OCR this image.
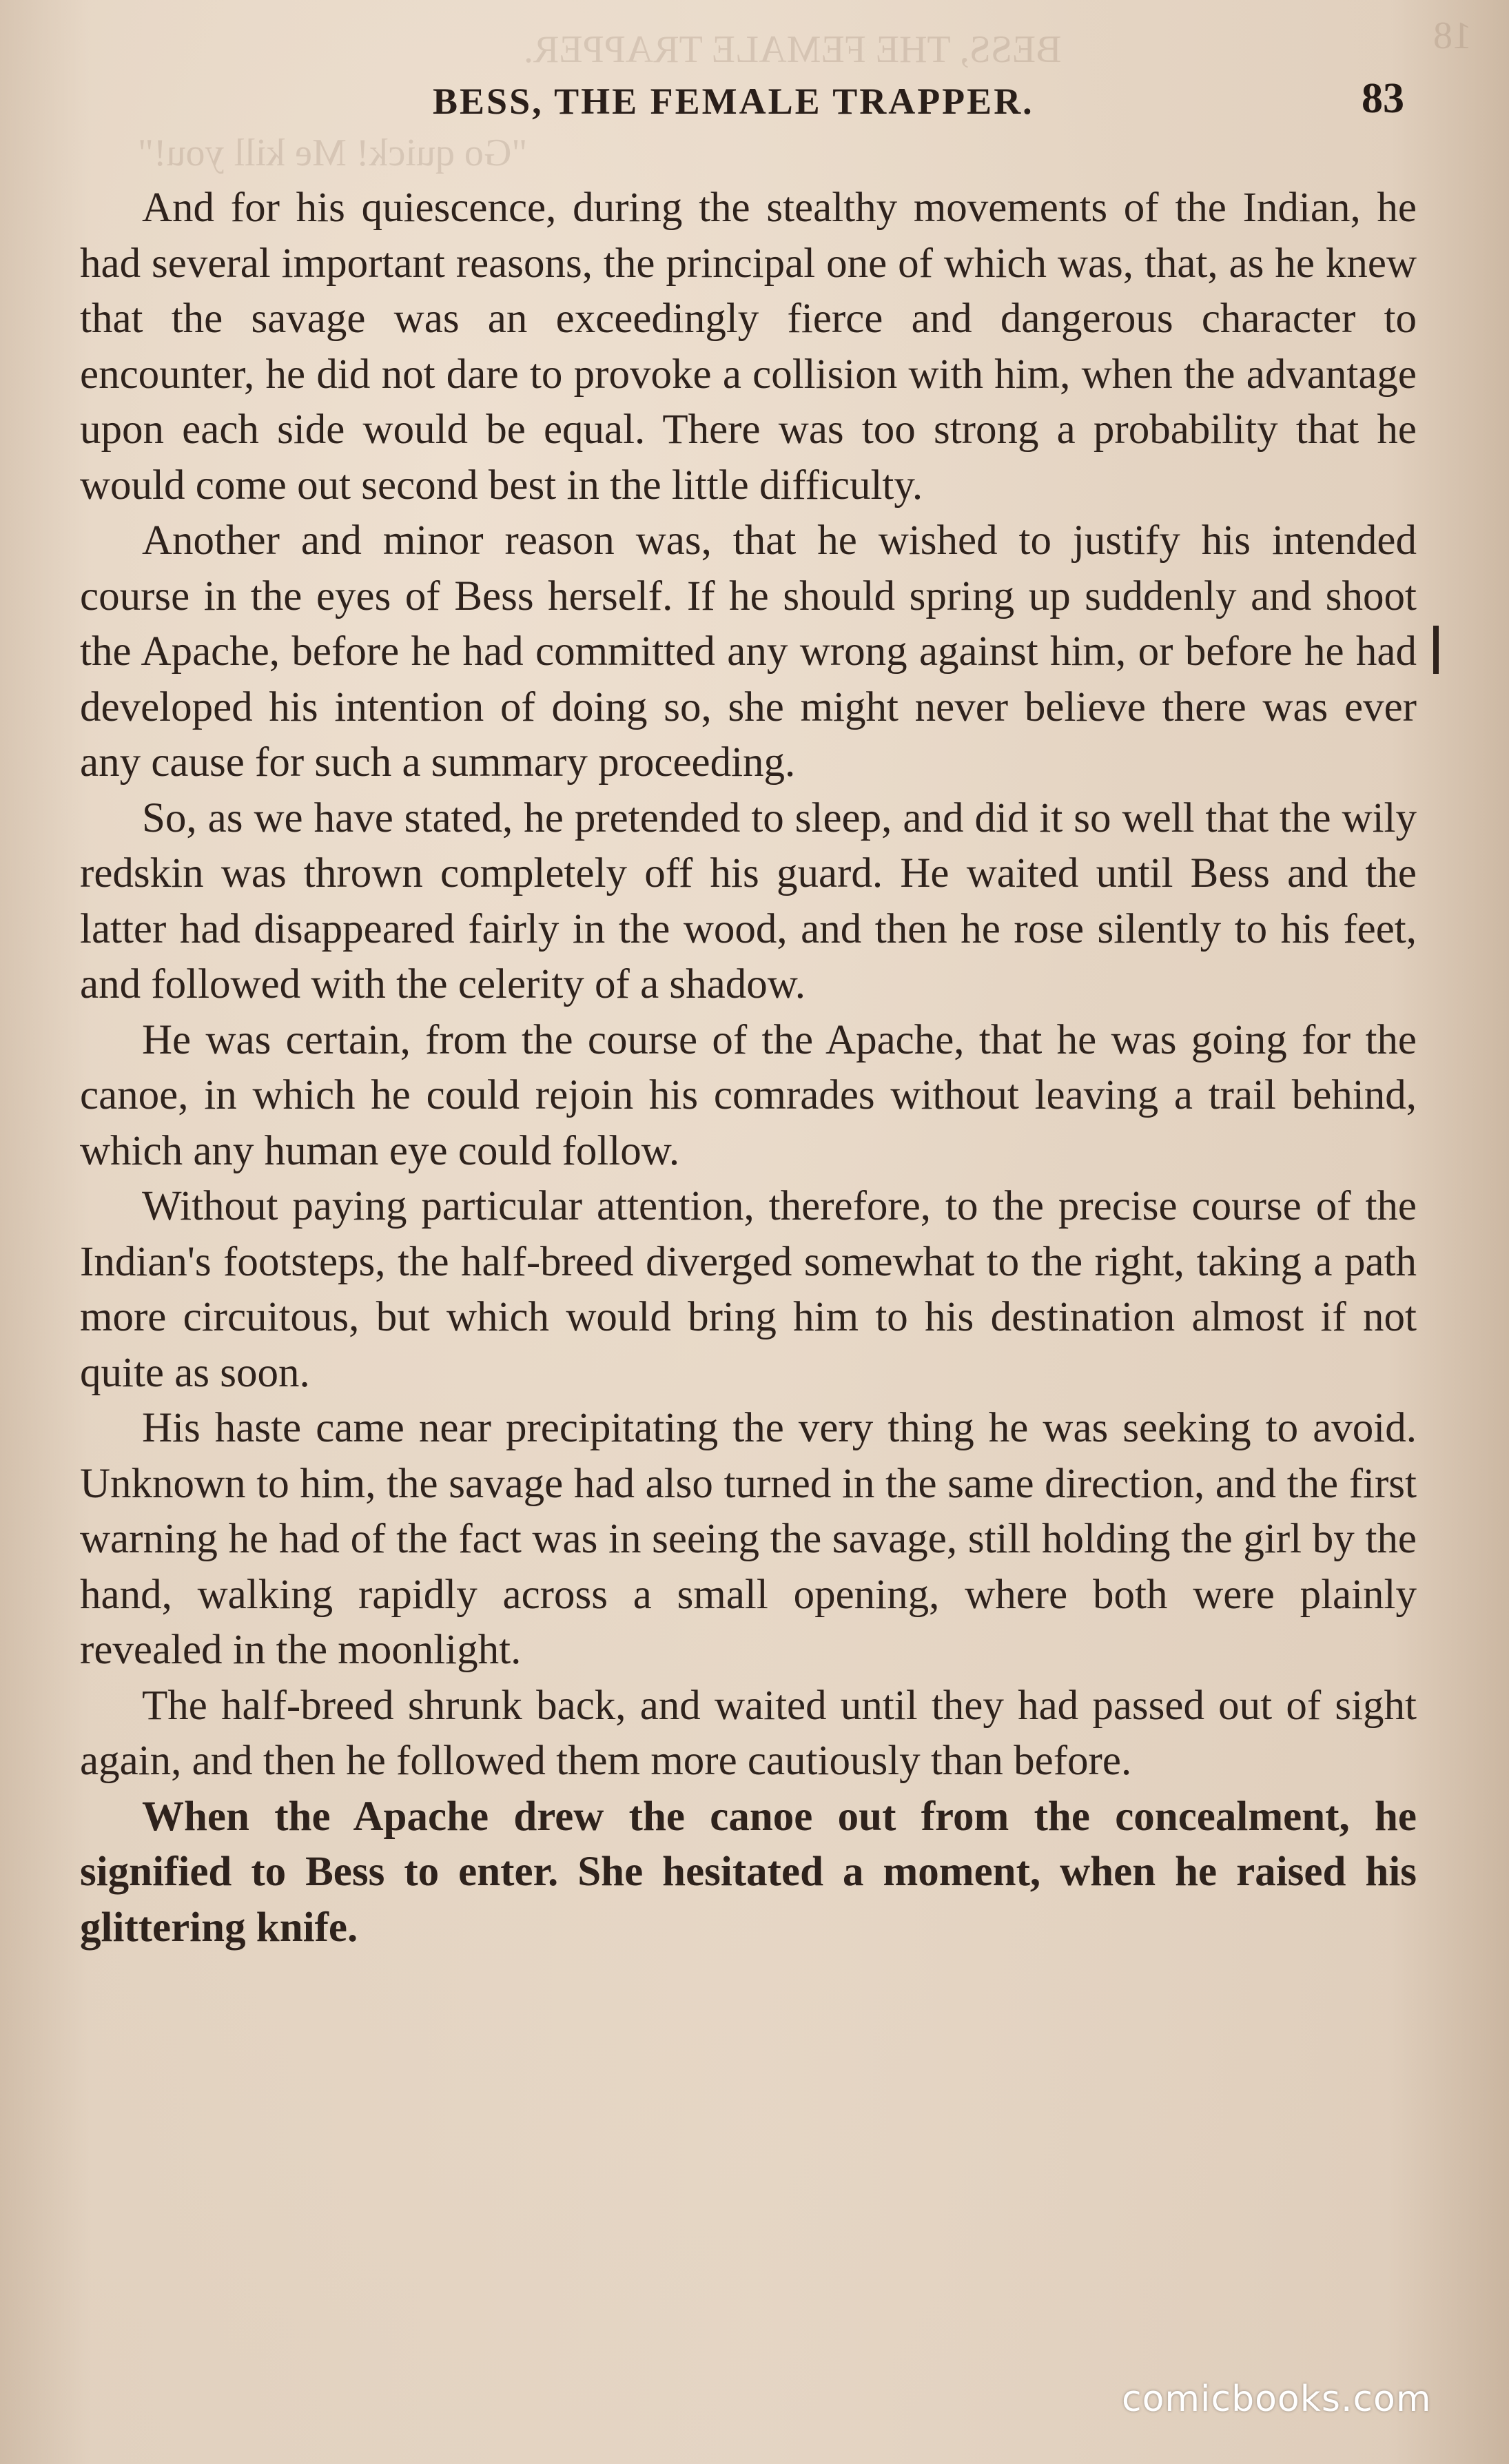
BESS, THE FEMALE TRAPPER.	18
"Go quick! Me kill you!"
BESS, THE FEMALE TRAPPER.	83

And for his quiescence, during the stealthy movements of the Indian, he had several important reasons, the principal one of which was, that, as he knew that the savage was an exceedingly fierce and dangerous character to encounter, he did not dare to provoke a collision with him, when the advantage upon each side would be equal. There was too strong a probability that he would come out second best in the little difficulty.

Another and minor reason was, that he wished to justify his intended course in the eyes of Bess herself. If he should spring up suddenly and shoot the Apache, before he had committed any wrong against him, or before he had developed his intention of doing so, she might never believe there was ever any cause for such a summary proceeding.

So, as we have stated, he pretended to sleep, and did it so well that the wily redskin was thrown completely off his guard. He waited until Bess and the latter had disappeared fairly in the wood, and then he rose silently to his feet, and followed with the celerity of a shadow.

He was certain, from the course of the Apache, that he was going for the canoe, in which he could rejoin his comrades without leaving a trail behind, which any human eye could follow.

Without paying particular attention, therefore, to the precise course of the Indian's footsteps, the half-breed diverged somewhat to the right, taking a path more circuitous, but which would bring him to his destination almost if not quite as soon.

His haste came near precipitating the very thing he was seeking to avoid. Unknown to him, the savage had also turned in the same direction, and the first warning he had of the fact was in seeing the savage, still holding the girl by the hand, walking rapidly across a small opening, where both were plainly revealed in the moonlight.

The half-breed shrunk back, and waited until they had passed out of sight again, and then he followed them more cautiously than before.

When the Apache drew the canoe out from the concealment, he signified to Bess to enter. She hesitated a moment, when he raised his glittering knife.

comicbooks.com
